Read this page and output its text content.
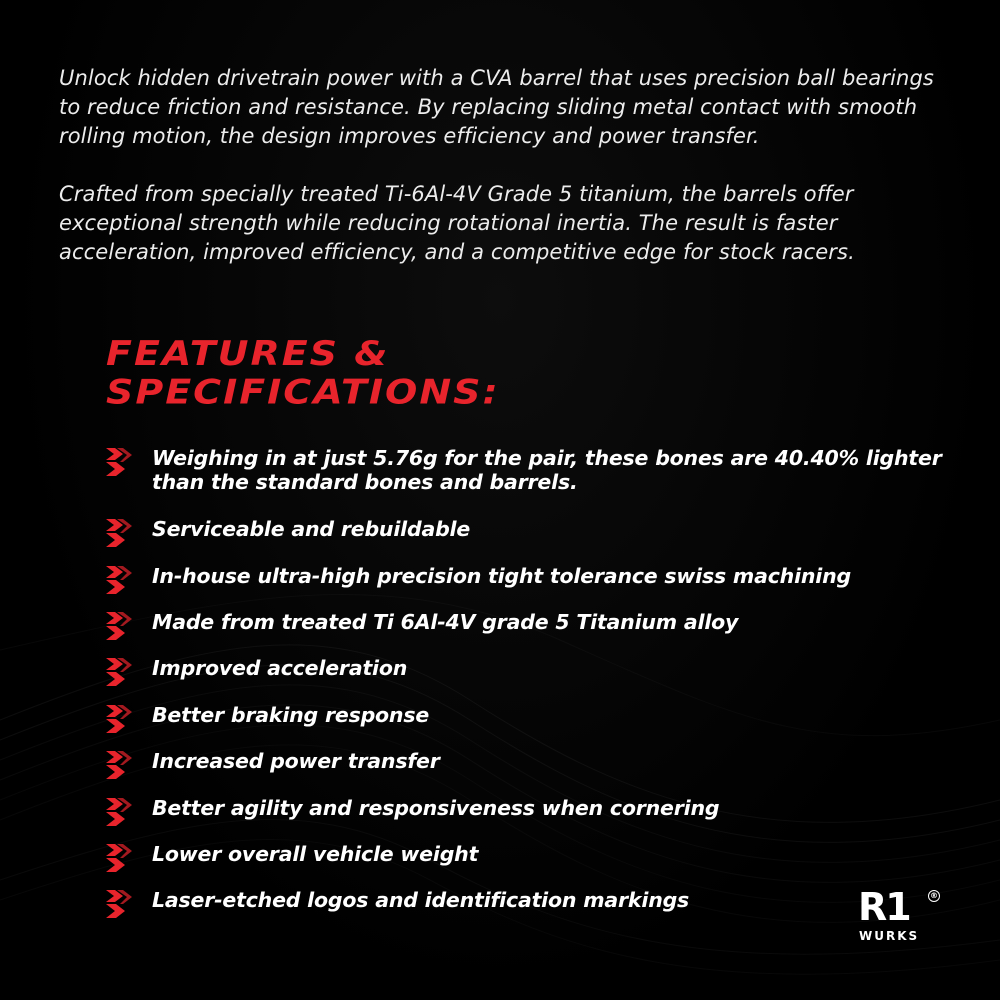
Unlock hidden drivetrain power with a CVA barrel that uses precision ball bearings to reduce friction and resistance. By replacing sliding metal contact with smooth rolling motion, the design improves efficiency and power transfer.

Crafted from specially treated Ti-6Al-4V Grade 5 titanium, the barrels offer exceptional strength while reducing rotational inertia. The result is faster acceleration, improved efficiency, and a competitive edge for stock racers.

FEATURES &
SPECIFICATIONS:
Weighing in at just 5.76g for the pair, these bones are 40.40% lighter than the standard bones and barrels.
Serviceable and rebuildable
In-house ultra-high precision tight tolerance swiss machining
Made from treated Ti 6Al-4V grade 5 Titanium alloy
Improved acceleration
Better braking response
Increased power transfer
Better agility and responsiveness when cornering
Lower overall vehicle weight
Laser-etched logos and identification markings	R1	®
WURKS
